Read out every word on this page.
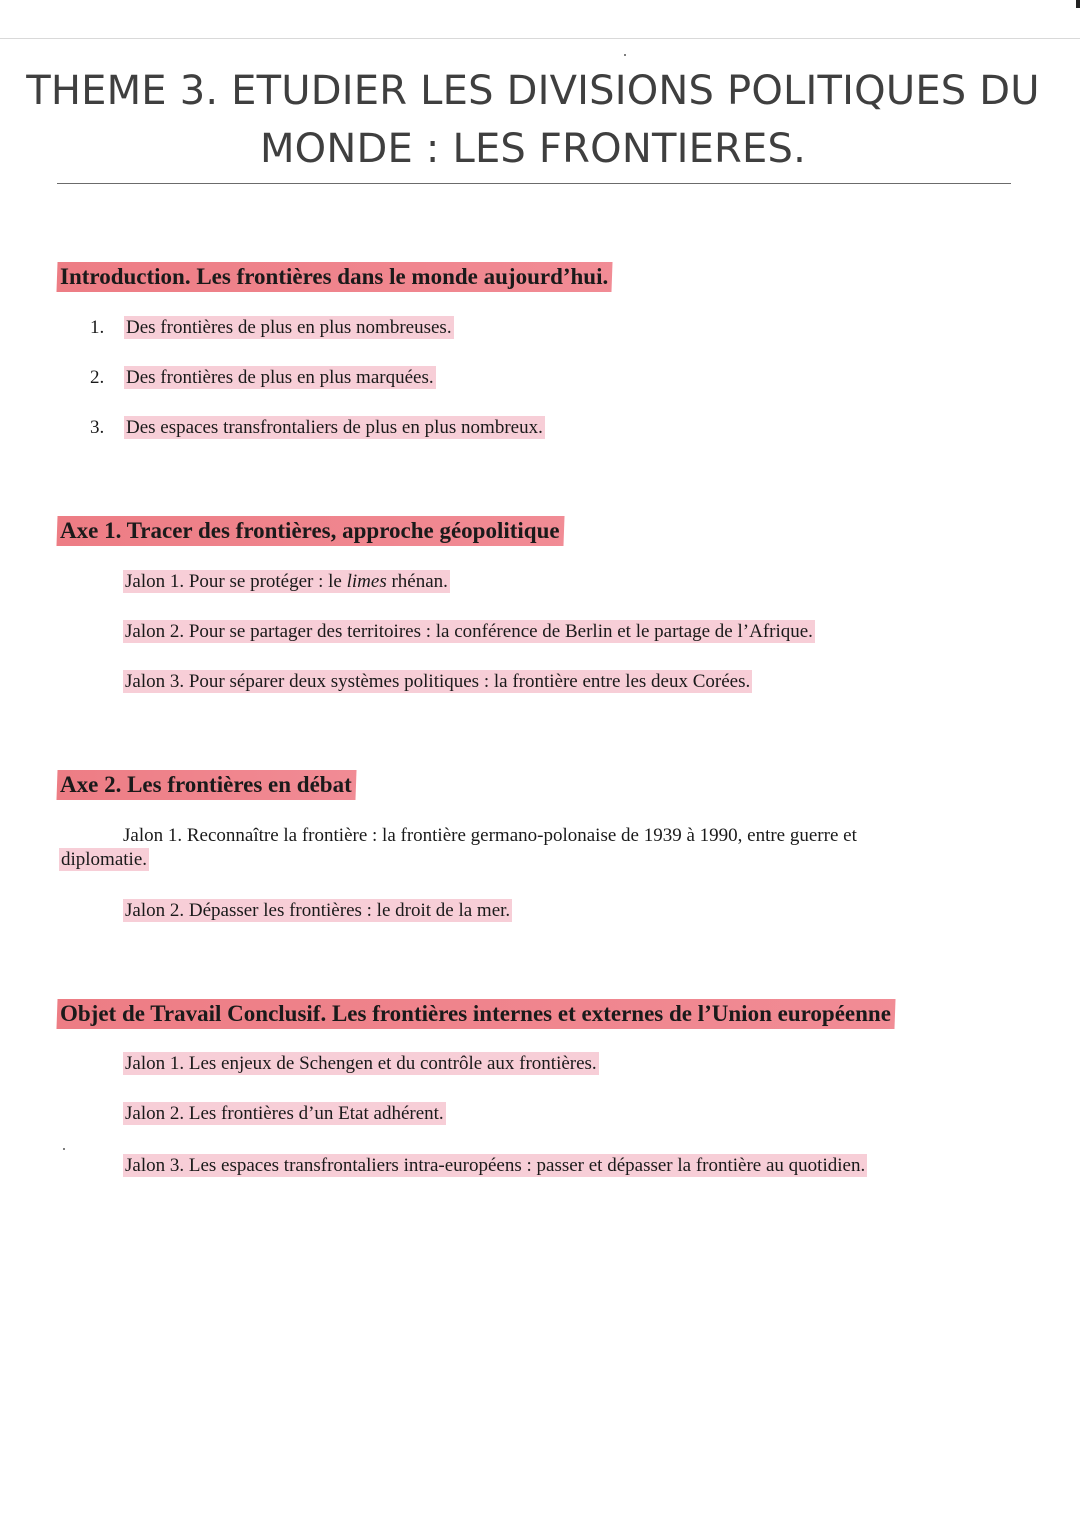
THEME 3. ETUDIER LES DIVISIONS POLITIQUES DU
MONDE : LES FRONTIERES.
Introduction. Les frontières dans le monde aujourd’hui.
1. Des frontières de plus en plus nombreuses.
2. Des frontières de plus en plus marquées.
3. Des espaces transfrontaliers de plus en plus nombreux.
Axe 1. Tracer des frontières, approche géopolitique
Jalon 1. Pour se protéger : le limes rhénan.
Jalon 2. Pour se partager des territoires : la conférence de Berlin et le partage de l’Afrique.
Jalon 3. Pour séparer deux systèmes politiques : la frontière entre les deux Corées.
Axe 2. Les frontières en débat
Jalon 1. Reconnaître la frontière : la frontière germano-polonaise de 1939 à 1990, entre guerre et
diplomatie.
Jalon 2. Dépasser les frontières : le droit de la mer.
Objet de Travail Conclusif. Les frontières internes et externes de l’Union européenne
Jalon 1. Les enjeux de Schengen et du contrôle aux frontières.
Jalon 2. Les frontières d’un Etat adhérent.
Jalon 3. Les espaces transfrontaliers intra-européens : passer et dépasser la frontière au quotidien.
